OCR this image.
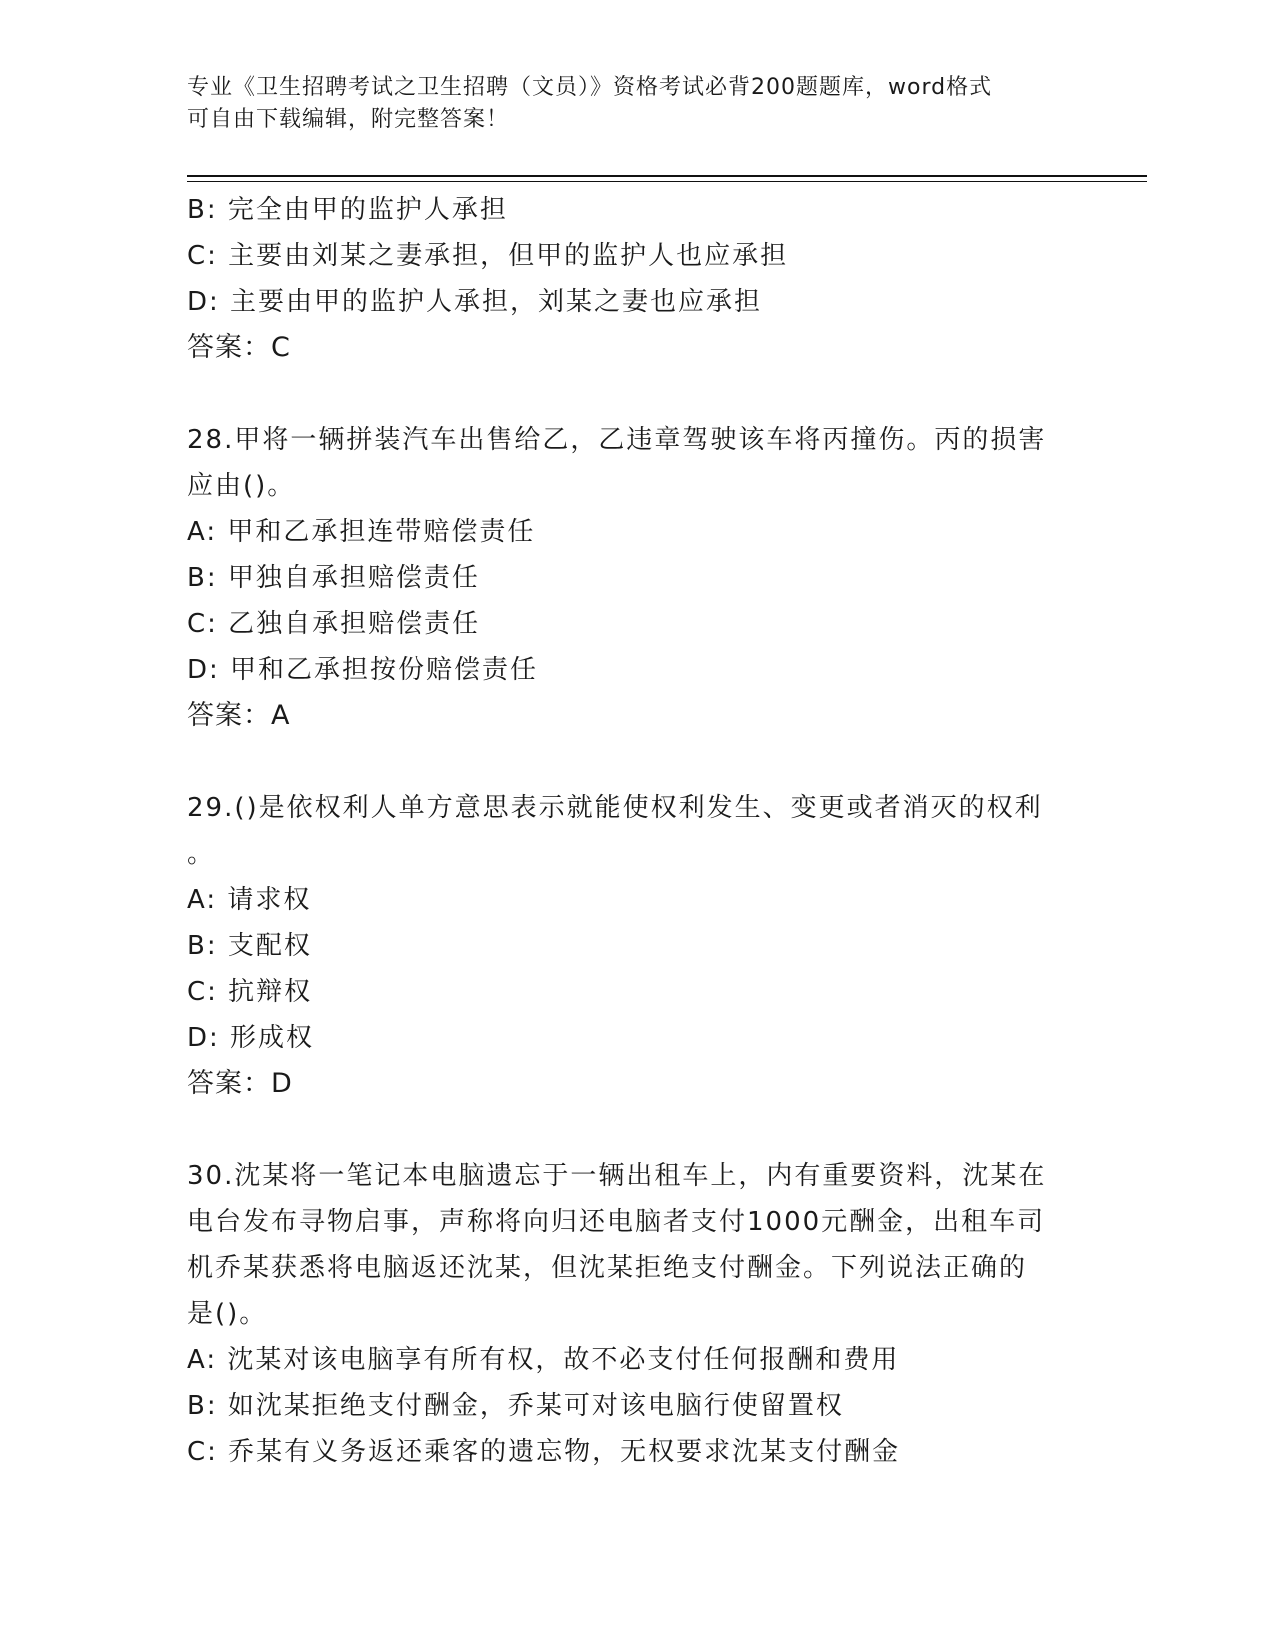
专业《卫生招聘考试之卫生招聘（文员）》资格考试必背200题题库，word格式
可自由下载编辑，附完整答案！
B: 完全由甲的监护人承担
C: 主要由刘某之妻承担，但甲的监护人也应承担
D: 主要由甲的监护人承担，刘某之妻也应承担
答案：C
28.甲将一辆拼装汽车出售给乙，乙违章驾驶该车将丙撞伤。丙的损害
应由()。
A: 甲和乙承担连带赔偿责任
B: 甲独自承担赔偿责任
C: 乙独自承担赔偿责任
D: 甲和乙承担按份赔偿责任
答案：A
29.()是依权利人单方意思表示就能使权利发生、变更或者消灭的权利
。
A: 请求权
B: 支配权
C: 抗辩权
D: 形成权
答案：D
30.沈某将一笔记本电脑遗忘于一辆出租车上，内有重要资料，沈某在
电台发布寻物启事，声称将向归还电脑者支付1000元酬金，出租车司
机乔某获悉将电脑返还沈某，但沈某拒绝支付酬金。下列说法正确的
是()。
A: 沈某对该电脑享有所有权，故不必支付任何报酬和费用
B: 如沈某拒绝支付酬金，乔某可对该电脑行使留置权
C: 乔某有义务返还乘客的遗忘物，无权要求沈某支付酬金
